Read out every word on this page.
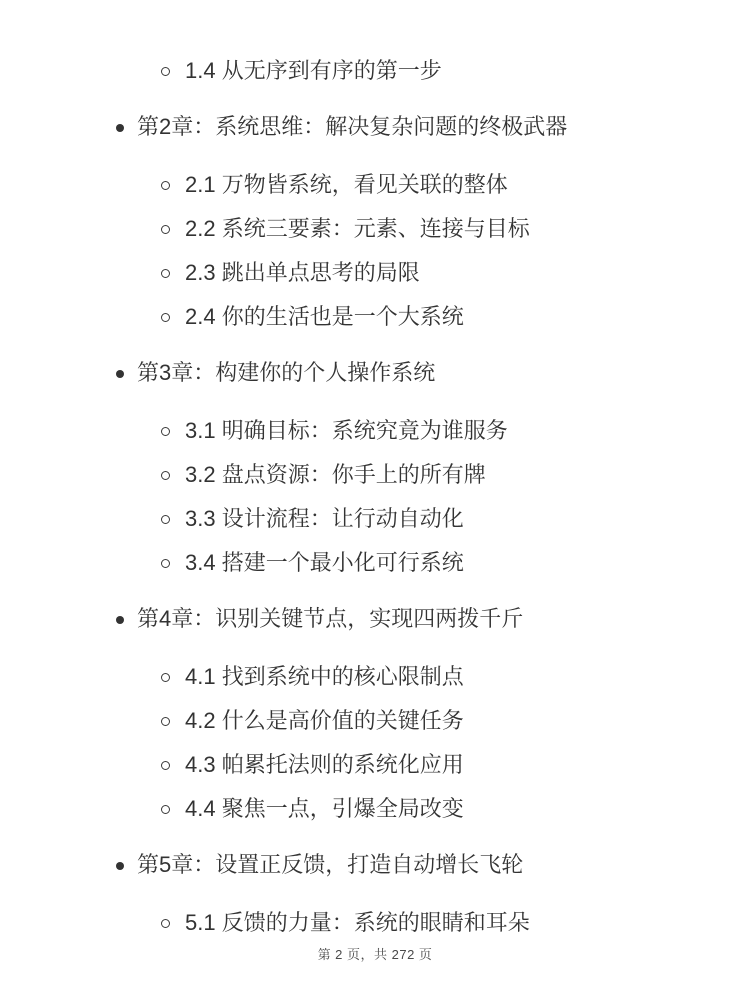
1.4 从无序到有序的第一步
第2章：系统思维：解决复杂问题的终极武器
2.1 万物皆系统，看见关联的整体
2.2 系统三要素：元素、连接与目标
2.3 跳出单点思考的局限
2.4 你的生活也是一个大系统
第3章：构建你的个人操作系统
3.1 明确目标：系统究竟为谁服务
3.2 盘点资源：你手上的所有牌
3.3 设计流程：让行动自动化
3.4 搭建一个最小化可行系统
第4章：识别关键节点，实现四两拨千斤
4.1 找到系统中的核心限制点
4.2 什么是高价值的关键任务
4.3 帕累托法则的系统化应用
4.4 聚焦一点，引爆全局改变
第5章：设置正反馈，打造自动增长飞轮
5.1 反馈的力量：系统的眼睛和耳朵
第 2 页，共 272 页
